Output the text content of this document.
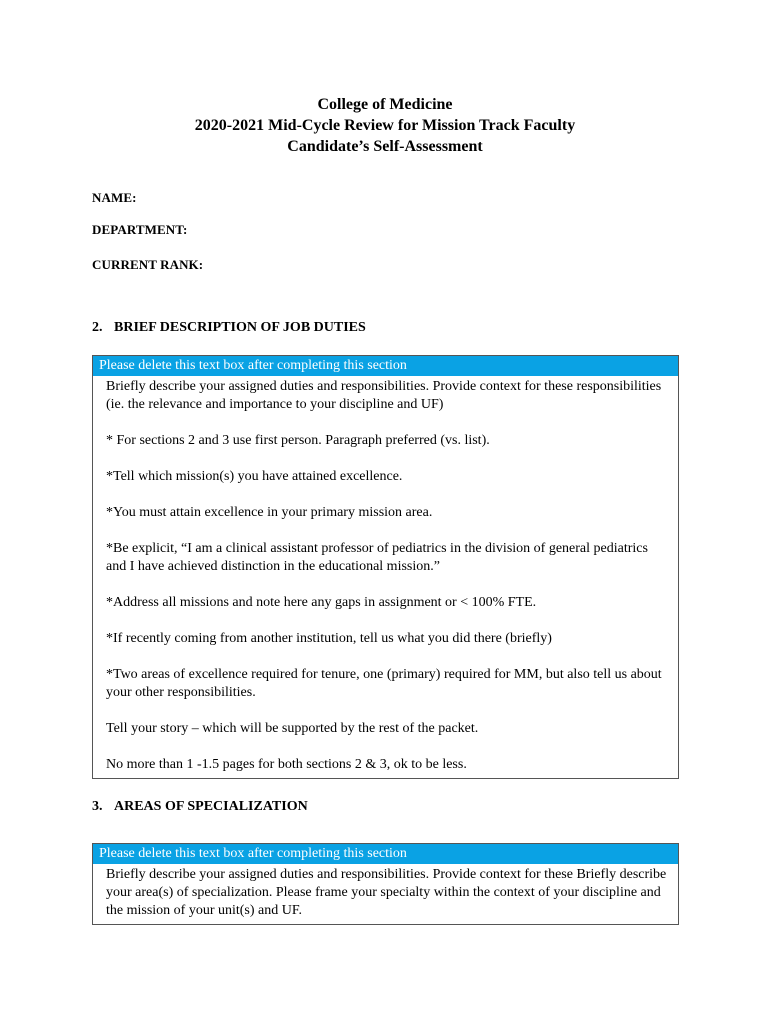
College of Medicine
2020-2021 Mid-Cycle Review for Mission Track Faculty
Candidate’s Self-Assessment
NAME:
DEPARTMENT:
CURRENT RANK:
2. BRIEF DESCRIPTION OF JOB DUTIES
Please delete this text box after completing this section

Briefly describe your assigned duties and responsibilities. Provide context for these responsibilities (ie. the relevance and importance to your discipline and UF)

* For sections 2 and 3 use first person. Paragraph preferred (vs. list).

*Tell which mission(s) you have attained excellence.

*You must attain excellence in your primary mission area.

*Be explicit, “I am a clinical assistant professor of pediatrics in the division of general pediatrics and I have achieved distinction in the educational mission.”

*Address all missions and note here any gaps in assignment or < 100% FTE.

*If recently coming from another institution, tell us what you did there (briefly)

*Two areas of excellence required for tenure, one (primary) required for MM, but also tell us about your other responsibilities.

Tell your story – which will be supported by the rest of the packet.

No more than 1 -1.5 pages for both sections 2 & 3, ok to be less.

3. AREAS OF SPECIALIZATION
Please delete this text box after completing this section

Briefly describe your assigned duties and responsibilities. Provide context for these Briefly describe your area(s) of specialization. Please frame your specialty within the context of your discipline and the mission of your unit(s) and UF.
